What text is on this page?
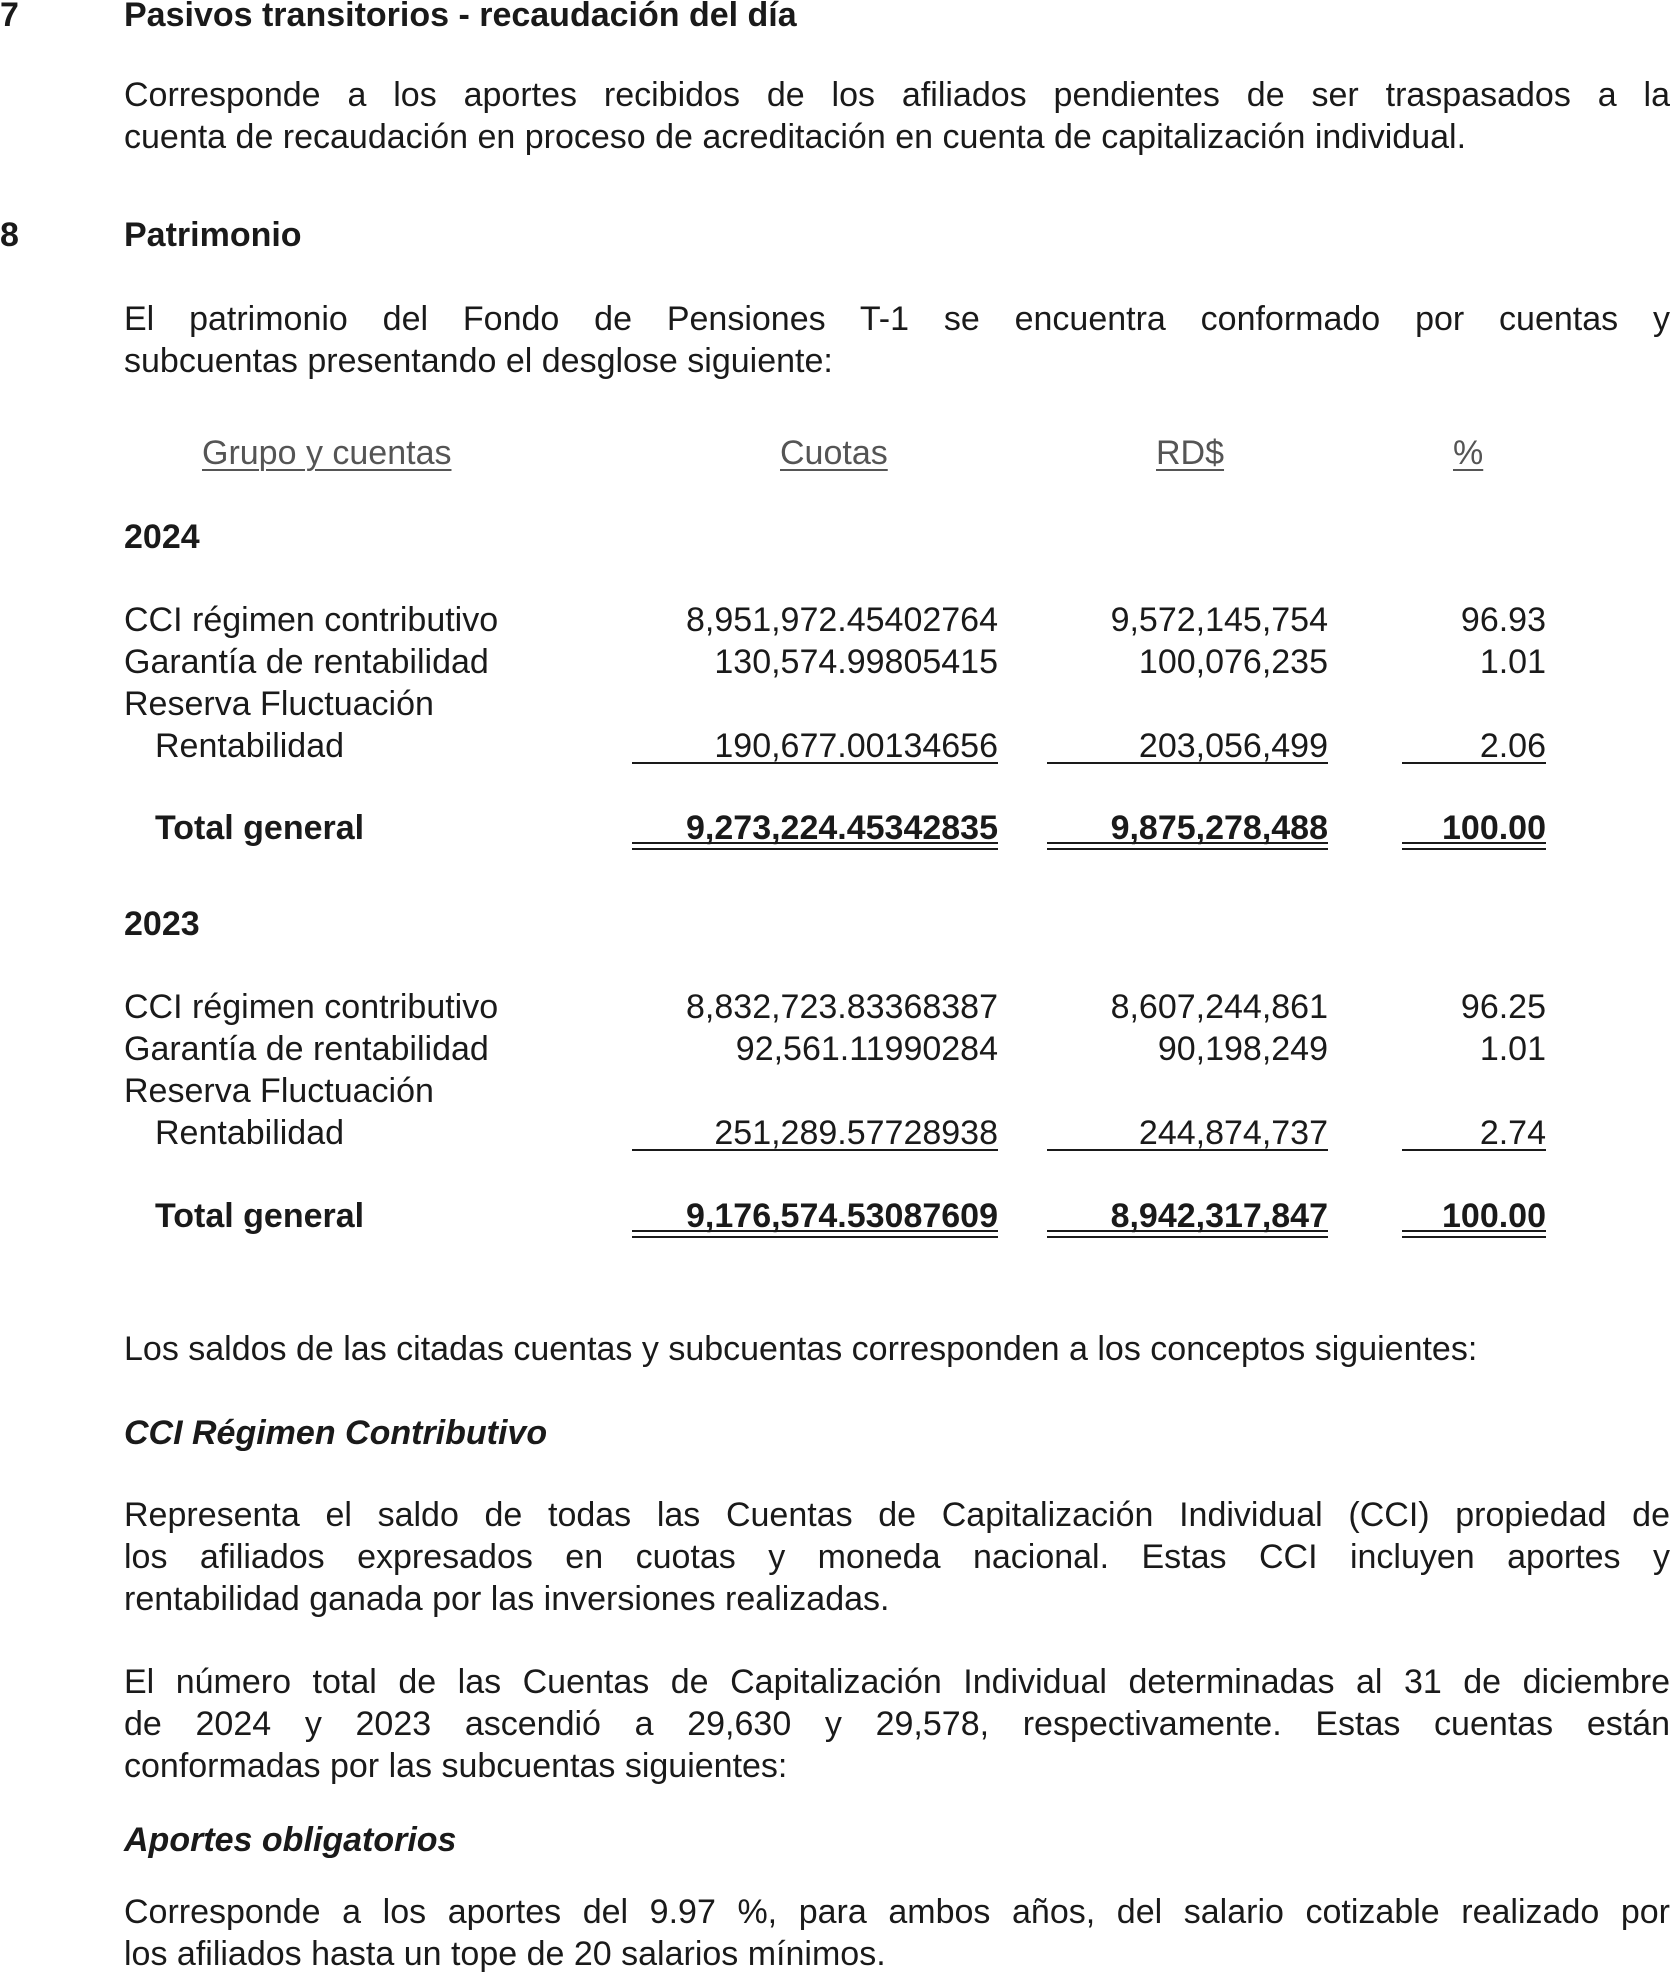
7	Pasivos transitorios - recaudación del día
Corresponde a los aportes recibidos de los afiliados pendientes de ser traspasados a la
cuenta de recaudación en proceso de acreditación en cuenta de capitalización individual.
8	Patrimonio
El patrimonio del Fondo de Pensiones T-1 se encuentra conformado por cuentas y
subcuentas presentando el desglose siguiente:
Grupo y cuentas	Cuotas	RD$	%
2024
CCI régimen contributivo	8,951,972.45402764	9,572,145,754	96.93
Garantía de rentabilidad	130,574.99805415	100,076,235	1.01
Reserva Fluctuación
Rentabilidad	190,677.00134656	203,056,499	2.06
Total general	9,273,224.45342835	9,875,278,488	100.00
2023
CCI régimen contributivo	8,832,723.83368387	8,607,244,861	96.25
Garantía de rentabilidad	92,561.11990284	90,198,249	1.01
Reserva Fluctuación
Rentabilidad	251,289.57728938	244,874,737	2.74
Total general	9,176,574.53087609	8,942,317,847	100.00
Los saldos de las citadas cuentas y subcuentas corresponden a los conceptos siguientes:
CCI Régimen Contributivo
Representa el saldo de todas las Cuentas de Capitalización Individual (CCI) propiedad de
los afiliados expresados en cuotas y moneda nacional. Estas CCI incluyen aportes y
rentabilidad ganada por las inversiones realizadas.
El número total de las Cuentas de Capitalización Individual determinadas al 31 de diciembre
de 2024 y 2023 ascendió a 29,630 y 29,578, respectivamente. Estas cuentas están
conformadas por las subcuentas siguientes:
Aportes obligatorios
Corresponde a los aportes del 9.97 %, para ambos años, del salario cotizable realizado por
los afiliados hasta un tope de 20 salarios mínimos.
